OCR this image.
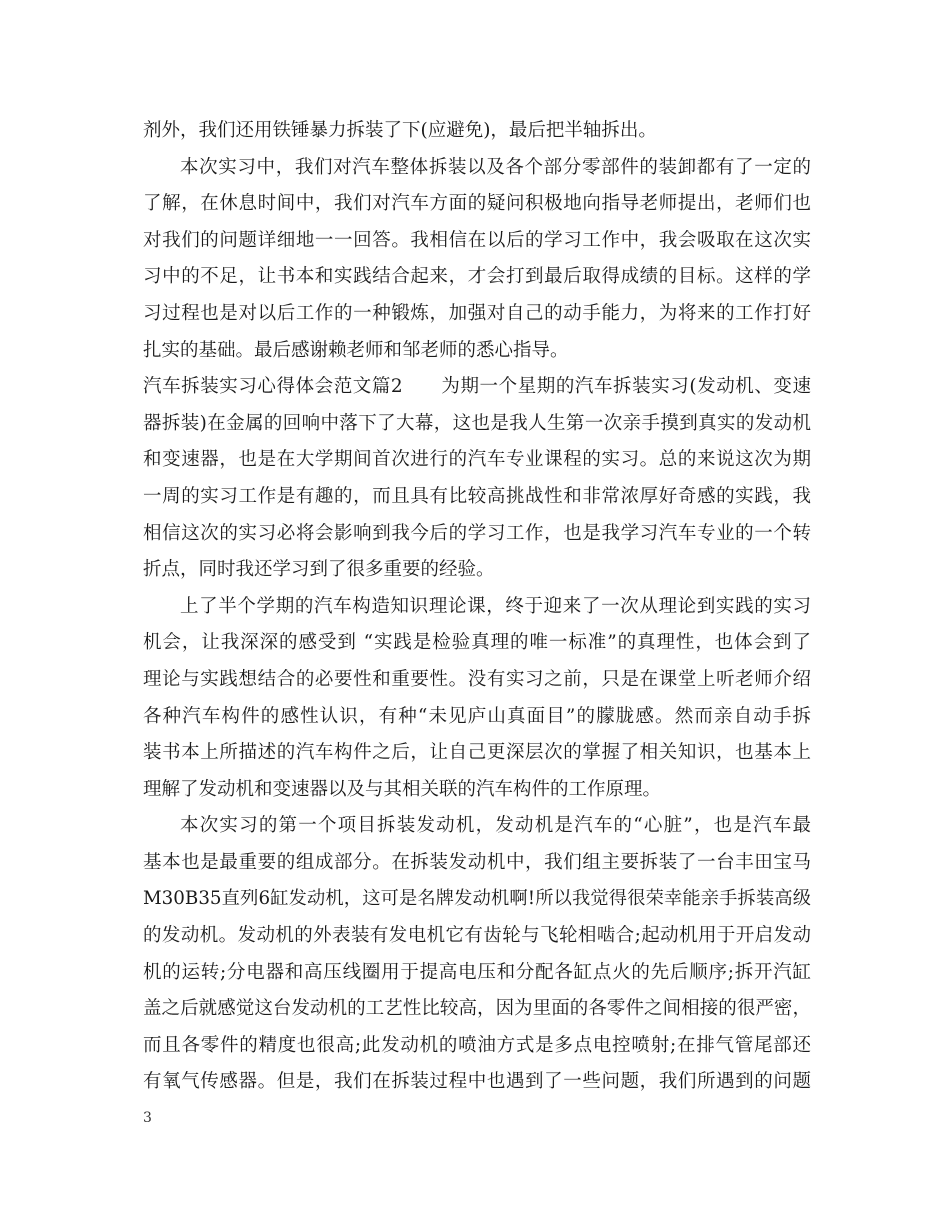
剂外，我们还用铁锤暴力拆装了下(应避免)，最后把半轴拆出。
本次实习中，我们对汽车整体拆装以及各个部分零部件的装卸都有了一定的
了解，在休息时间中，我们对汽车方面的疑问积极地向指导老师提出，老师们也
对我们的问题详细地一一回答。我相信在以后的学习工作中，我会吸取在这次实
习中的不足，让书本和实践结合起来，才会打到最后取得成绩的目标。这样的学
习过程也是对以后工作的一种锻炼，加强对自己的动手能力，为将来的工作打好
扎实的基础。最后感谢赖老师和邹老师的悉心指导。
汽车拆装实习心得体会范文篇2　　为期一个星期的汽车拆装实习(发动机、变速
器拆装)在金属的回响中落下了大幕，这也是我人生第一次亲手摸到真实的发动机
和变速器，也是在大学期间首次进行的汽车专业课程的实习。总的来说这次为期
一周的实习工作是有趣的，而且具有比较高挑战性和非常浓厚好奇感的实践，我
相信这次的实习必将会影响到我今后的学习工作，也是我学习汽车专业的一个转
折点，同时我还学习到了很多重要的经验。
上了半个学期的汽车构造知识理论课，终于迎来了一次从理论到实践的实习
机会，让我深深的感受到 “实践是检验真理的唯一标准”的真理性，也体会到了
理论与实践想结合的必要性和重要性。没有实习之前，只是在课堂上听老师介绍
各种汽车构件的感性认识，有种“未见庐山真面目”的朦胧感。然而亲自动手拆
装书本上所描述的汽车构件之后，让自己更深层次的掌握了相关知识，也基本上
理解了发动机和变速器以及与其相关联的汽车构件的工作原理。
本次实习的第一个项目拆装发动机，发动机是汽车的“心脏”，也是汽车最
基本也是最重要的组成部分。在拆装发动机中，我们组主要拆装了一台丰田宝马
M30B35直列6缸发动机，这可是名牌发动机啊!所以我觉得很荣幸能亲手拆装高级
的发动机。发动机的外表装有发电机它有齿轮与飞轮相啮合;起动机用于开启发动
机的运转;分电器和高压线圈用于提高电压和分配各缸点火的先后顺序;拆开汽缸
盖之后就感觉这台发动机的工艺性比较高，因为里面的各零件之间相接的很严密，
而且各零件的精度也很高;此发动机的喷油方式是多点电控喷射;在排气管尾部还
有氧气传感器。但是，我们在拆装过程中也遇到了一些问题，我们所遇到的问题
3
